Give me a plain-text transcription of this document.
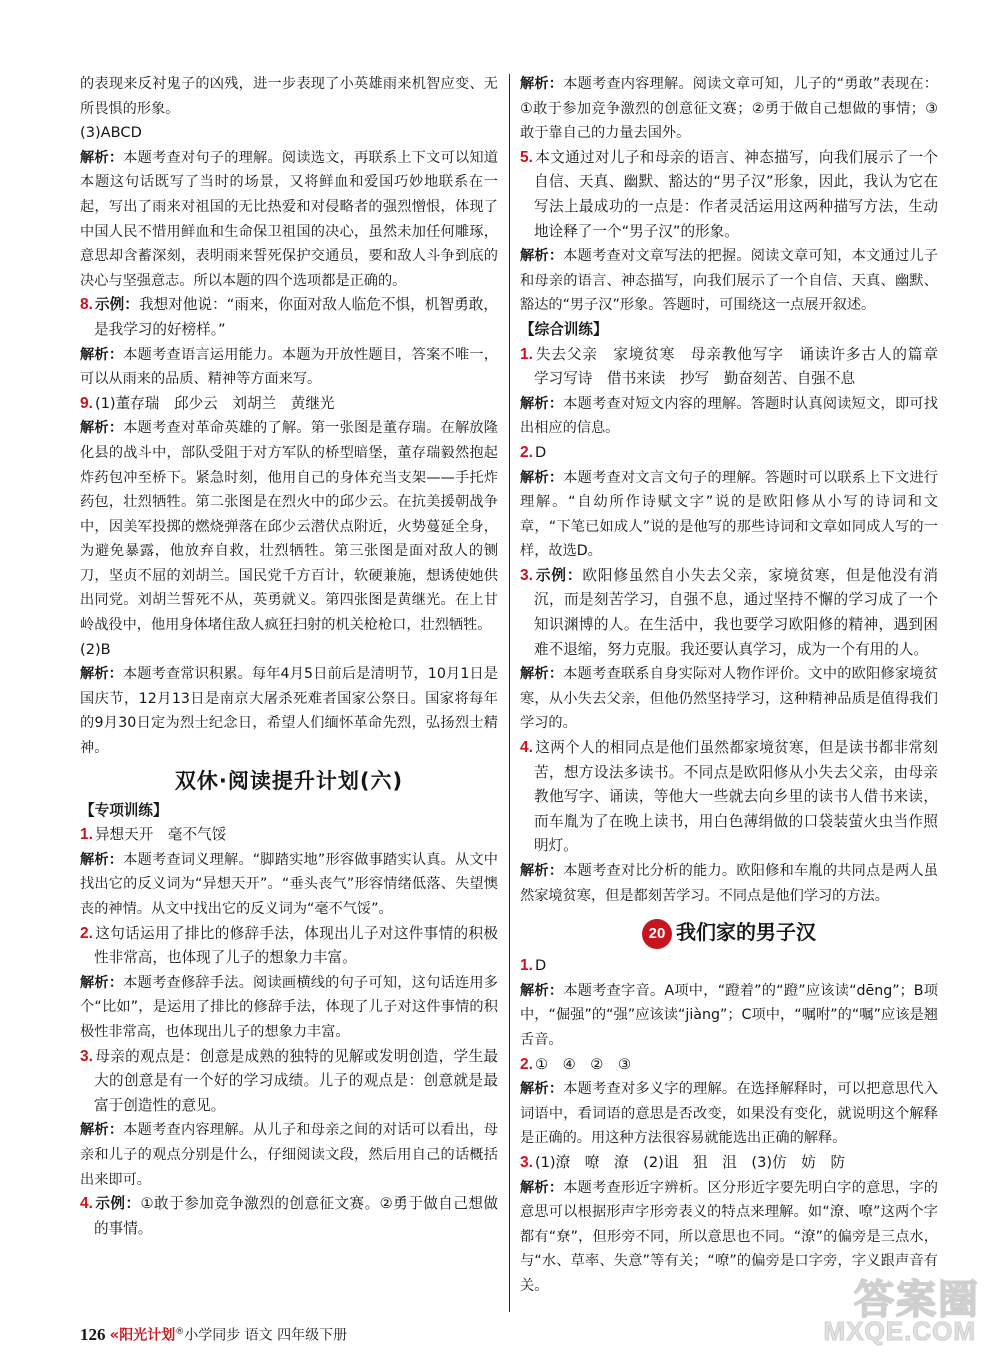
的表现来反衬鬼子的凶残，进一步表现了小英雄雨来机智应变、无所畏惧的形象。

(3)ABCD

解析：本题考查对句子的理解。阅读选文，再联系上下文可以知道本题这句话既写了当时的场景，又将鲜血和爱国巧妙地联系在一起，写出了雨来对祖国的无比热爱和对侵略者的强烈憎恨，体现了中国人民不惜用鲜血和生命保卫祖国的决心，虽然未加任何雕琢，意思却含蓄深刻，表明雨来誓死保护交通员，要和敌人斗争到底的决心与坚强意志。所以本题的四个选项都是正确的。

8. 示例：我想对他说：“雨来，你面对敌人临危不惧，机智勇敢，是我学习的好榜样。”

解析：本题考查语言运用能力。本题为开放性题目，答案不唯一，可以从雨来的品质、精神等方面来写。

9. (1)董存瑞　邱少云　刘胡兰　黄继光

解析：本题考查对革命英雄的了解。第一张图是董存瑞。在解放隆化县的战斗中，部队受阻于对方军队的桥型暗堡，董存瑞毅然抱起炸药包冲至桥下。紧急时刻，他用自己的身体充当支架——手托炸药包，壮烈牺牲。第二张图是在烈火中的邱少云。在抗美援朝战争中，因美军投掷的燃烧弹落在邱少云潜伏点附近，火势蔓延全身，为避免暴露，他放弃自救，壮烈牺牲。第三张图是面对敌人的铡刀，坚贞不屈的刘胡兰。国民党千方百计，软硬兼施，想诱使她供出同党。刘胡兰誓死不从，英勇就义。第四张图是黄继光。在上甘岭战役中，他用身体堵住敌人疯狂扫射的机关枪枪口，壮烈牺牲。

(2)B

解析：本题考查常识积累。每年4月5日前后是清明节，10月1日是国庆节，12月13日是南京大屠杀死难者国家公祭日。国家将每年的9月30日定为烈士纪念日，希望人们缅怀革命先烈，弘扬烈士精神。

双休·阅读提升计划(六)

【专项训练】

1. 异想天开　毫不气馁

解析：本题考查词义理解。“脚踏实地”形容做事踏实认真。从文中找出它的反义词为“异想天开”。“垂头丧气”形容情绪低落、失望懊丧的神情。从文中找出它的反义词为“毫不气馁”。

2. 这句话运用了排比的修辞手法，体现出儿子对这件事情的积极性非常高，也体现了儿子的想象力丰富。

解析：本题考查修辞手法。阅读画横线的句子可知，这句话连用多个“比如”，是运用了排比的修辞手法，体现了儿子对这件事情的积极性非常高，也体现出儿子的想象力丰富。

3. 母亲的观点是：创意是成熟的独特的见解或发明创造，学生最大的创意是有一个好的学习成绩。儿子的观点是：创意就是最富于创造性的意见。

解析：本题考查内容理解。从儿子和母亲之间的对话可以看出，母亲和儿子的观点分别是什么，仔细阅读文段，然后用自己的话概括出来即可。

4. 示例：①敢于参加竞争激烈的创意征文赛。②勇于做自己想做的事情。

解析：本题考查内容理解。阅读文章可知，儿子的“勇敢”表现在：①敢于参加竞争激烈的创意征文赛；②勇于做自己想做的事情；③敢于靠自己的力量去国外。

5. 本文通过对儿子和母亲的语言、神态描写，向我们展示了一个自信、天真、幽默、豁达的“男子汉”形象，因此，我认为它在写法上最成功的一点是：作者灵活运用这两种描写方法，生动地诠释了一个“男子汉”的形象。

解析：本题考查对文章写法的把握。阅读文章可知，本文通过儿子和母亲的语言、神态描写，向我们展示了一个自信、天真、幽默、豁达的“男子汉”形象。答题时，可围绕这一点展开叙述。

【综合训练】

1. 失去父亲　家境贫寒　母亲教他写字　诵读许多古人的篇章　学习写诗　借书来读　抄写　勤奋刻苦、自强不息

解析：本题考查对短文内容的理解。答题时认真阅读短文，即可找出相应的信息。

2. D

解析：本题考查对文言文句子的理解。答题时可以联系上下文进行理解。“自幼所作诗赋文字”说的是欧阳修从小写的诗词和文章，“下笔已如成人”说的是他写的那些诗词和文章如同成人写的一样，故选D。

3. 示例：欧阳修虽然自小失去父亲，家境贫寒，但是他没有消沉，而是刻苦学习，自强不息，通过坚持不懈的学习成了一个知识渊博的人。在生活中，我也要学习欧阳修的精神，遇到困难不退缩，努力克服。我还要认真学习，成为一个有用的人。

解析：本题考查联系自身实际对人物作评价。文中的欧阳修家境贫寒，从小失去父亲，但他仍然坚持学习，这种精神品质是值得我们学习的。

4. 这两个人的相同点是他们虽然都家境贫寒，但是读书都非常刻苦，想方设法多读书。不同点是欧阳修从小失去父亲，由母亲教他写字、诵读，等他大一些就去向乡里的读书人借书来读，而车胤为了在晚上读书，用白色薄绢做的口袋装萤火虫当作照明灯。

解析：本题考查对比分析的能力。欧阳修和车胤的共同点是两人虽然家境贫寒，但是都刻苦学习。不同点是他们学习的方法。

20 我们家的男子汉

1. D

解析：本题考查字音。A项中，“蹬着”的“蹬”应该读“dēng”；B项中，“倔强”的“强”应该读“jiàng”；C项中，“嘱咐”的“嘱”应该是翘舌音。

2. ①　④　②　③

解析：本题考查对多义字的理解。在选择解释时，可以把意思代入词语中，看词语的意思是否改变，如果没有变化，就说明这个解释是正确的。用这种方法很容易就能选出正确的解释。

3. (1)潦　嘹　潦　(2)诅　狙　沮　(3)仿　妨　防

解析：本题考查形近字辨析。区分形近字要先明白字的意思，字的意思可以根据形声字形旁表义的特点来理解。如“潦、嘹”这两个字都有“尞”，但形旁不同，所以意思也不同。“潦”的偏旁是三点水，与“水、草率、失意”等有关；“嘹”的偏旁是口字旁，字义跟声音有关。

126 «阳光计划®小学同步 语文 四年级下册
答案圈
MXQE.COM
